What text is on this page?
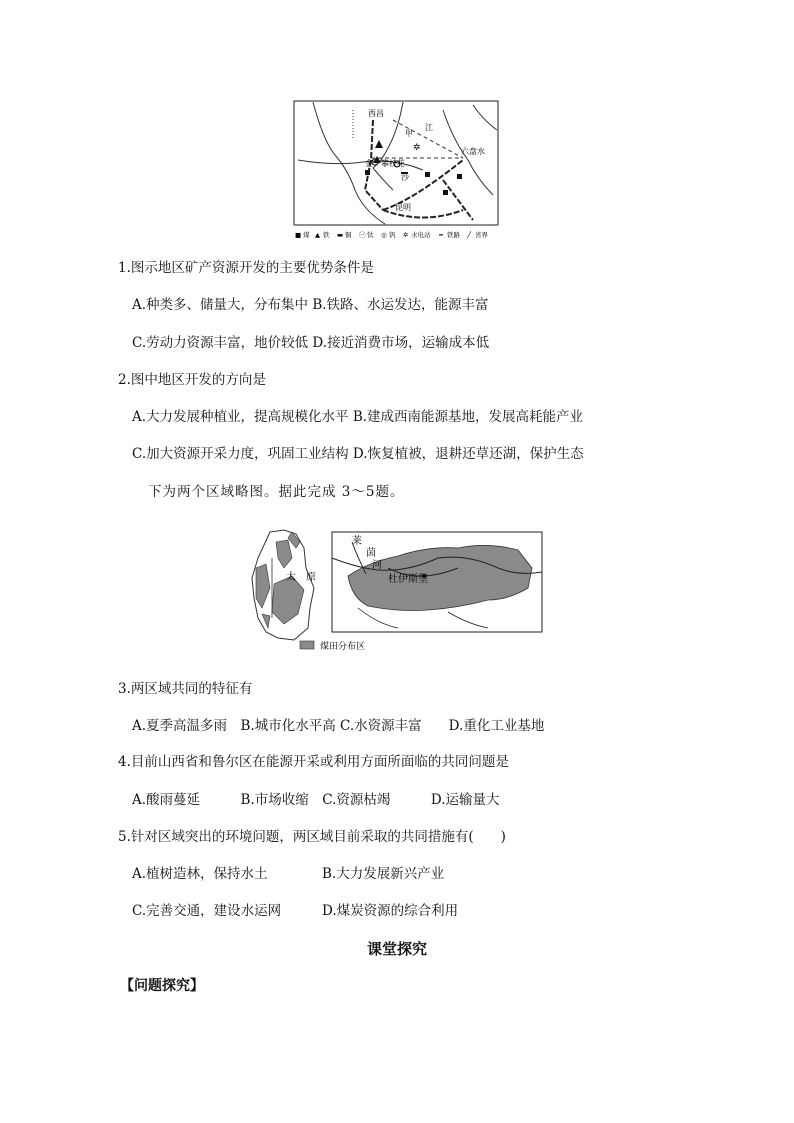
✲
西昌
甲
江
六盘水
金 攀枝花
沙
昆明
■ 煤 ▲ 铁 ▬ 铜 ㊀ 钛 ◎ 钒 ✲ 水电站 ━ 铁路 ╱ 省界
1.图示地区矿产资源开发的主要优势条件是
A.种类多、储量大，分布集中 B.铁路、水运发达，能源丰富
C.劳动力资源丰富，地价较低 D.接近消费市场，运输成本低
2.图中地区开发的方向是
A.大力发展种植业，提高规模化水平 B.建成西南能源基地，发展高耗能产业
C.加大资源开采力度，巩固工业结构 D.恢复植被，退耕还草还湖，保护生态
下为两个区域略图。据此完成 3～5题。
太　原
莱
茵
河
杜伊斯堡
煤田分布区
3.两区域共同的特征有
A.夏季高温多雨　B.城市化水平高 C.水资源丰富　　D.重化工业基地
4.目前山西省和鲁尔区在能源开采或利用方面所面临的共同问题是
A.酸雨蔓延　　　B.市场收缩　C.资源枯竭　　　D.运输量大
5.针对区域突出的环境问题，两区域目前采取的共同措施有(　　)
A.植树造林，保持水土	B.大力发展新兴产业
C.完善交通，建设水运网	D.煤炭资源的综合利用
课堂探究
【问题探究】
